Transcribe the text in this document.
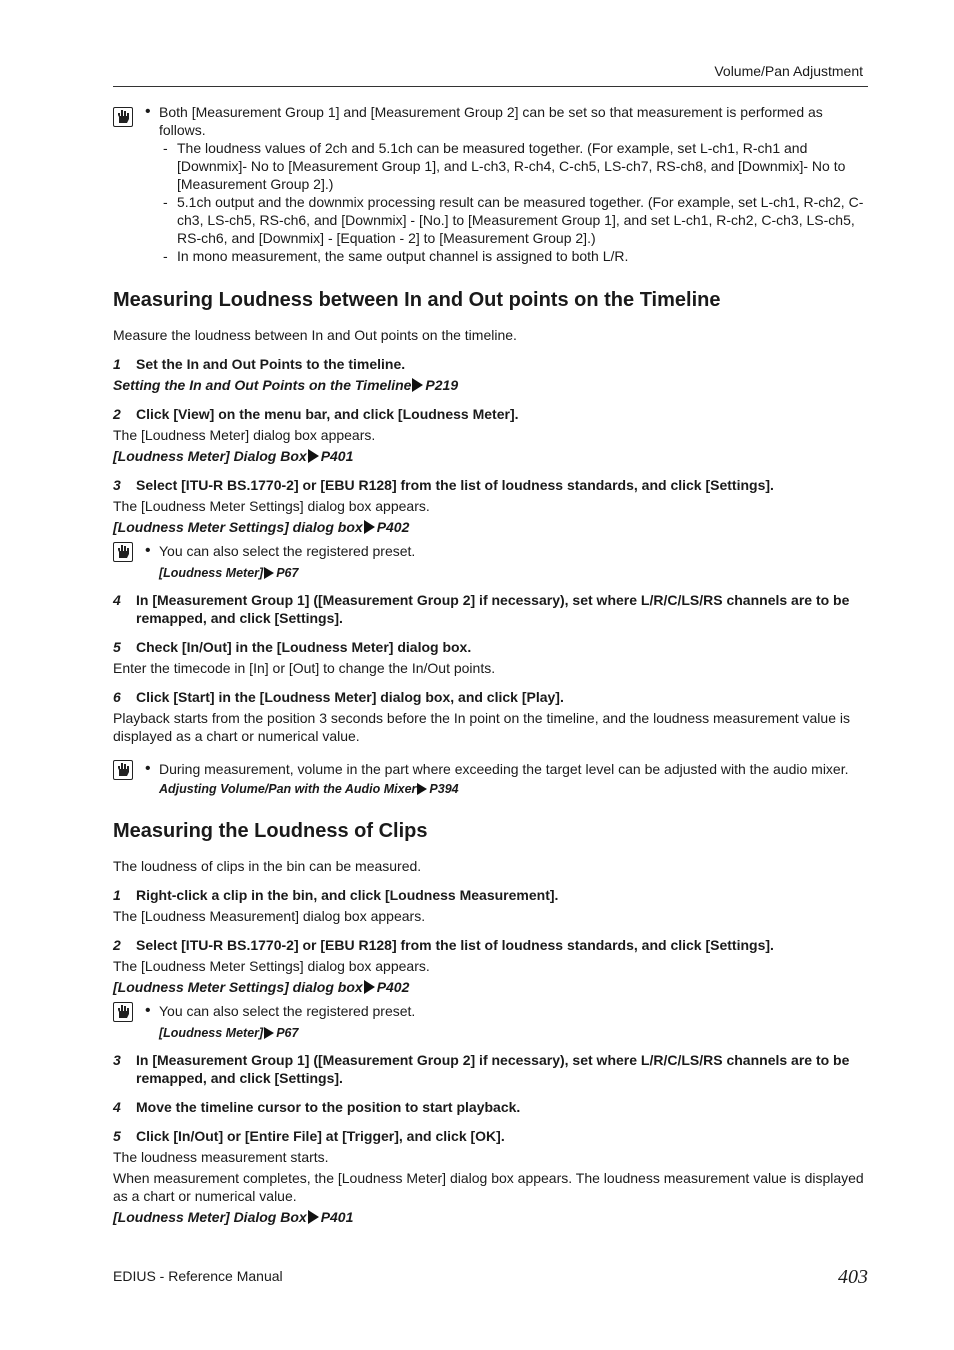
Volume/Pan Adjustment
• Both [Measurement Group 1] and [Measurement Group 2] can be set so that measurement is performed as follows.
- The loudness values of 2ch and 5.1ch can be measured together. (For example, set L-ch1, R-ch1 and [Downmix]- No to [Measurement Group 1], and L-ch3, R-ch4, C-ch5, LS-ch7, RS-ch8, and [Downmix]- No to [Measurement Group 2].)
- 5.1ch output and the downmix processing result can be measured together. (For example, set L-ch1, R-ch2, C-ch3, LS-ch5, RS-ch6, and [Downmix] - [No.] to [Measurement Group 1], and set L-ch1, R-ch2, C-ch3, LS-ch5, RS-ch6, and [Downmix] - [Equation - 2] to [Measurement Group 2].)
- In mono measurement, the same output channel is assigned to both L/R.
Measuring Loudness between In and Out points on the Timeline

Measure the loudness between In and Out points on the timeline.

1 Set the In and Out Points to the timeline.
Setting the In and Out Points on the Timeline P219
2 Click [View] on the menu bar, and click [Loudness Meter].

The [Loudness Meter] dialog box appears.

[Loudness Meter] Dialog Box P401
3 Select [ITU-R BS.1770-2] or [EBU R128] from the list of loudness standards, and click [Settings].

The [Loudness Meter Settings] dialog box appears.

[Loudness Meter Settings] dialog box P402
• You can also select the registered preset.
[Loudness Meter] P67
4 In [Measurement Group 1] ([Measurement Group 2] if necessary), set where L/R/C/LS/RS channels are to be remapped, and click [Settings].
5 Check [In/Out] in the [Loudness Meter] dialog box.

Enter the timecode in [In] or [Out] to change the In/Out points.

6 Click [Start] in the [Loudness Meter] dialog box, and click [Play].

Playback starts from the position 3 seconds before the In point on the timeline, and the loudness measurement value is displayed as a chart or numerical value.

• During measurement, volume in the part where exceeding the target level can be adjusted with the audio mixer.
Adjusting Volume/Pan with the Audio Mixer P394
Measuring the Loudness of Clips

The loudness of clips in the bin can be measured.

1 Right-click a clip in the bin, and click [Loudness Measurement].

The [Loudness Measurement] dialog box appears.

2 Select [ITU-R BS.1770-2] or [EBU R128] from the list of loudness standards, and click [Settings].

The [Loudness Meter Settings] dialog box appears.

[Loudness Meter Settings] dialog box P402
• You can also select the registered preset.
[Loudness Meter] P67
3 In [Measurement Group 1] ([Measurement Group 2] if necessary), set where L/R/C/LS/RS channels are to be remapped, and click [Settings].
4 Move the timeline cursor to the position to start playback.
5 Click [In/Out] or [Entire File] at [Trigger], and click [OK].

The loudness measurement starts.

When measurement completes, the [Loudness Meter] dialog box appears. The loudness measurement value is displayed as a chart or numerical value.

[Loudness Meter] Dialog Box P401
EDIUS - Reference Manual	403
